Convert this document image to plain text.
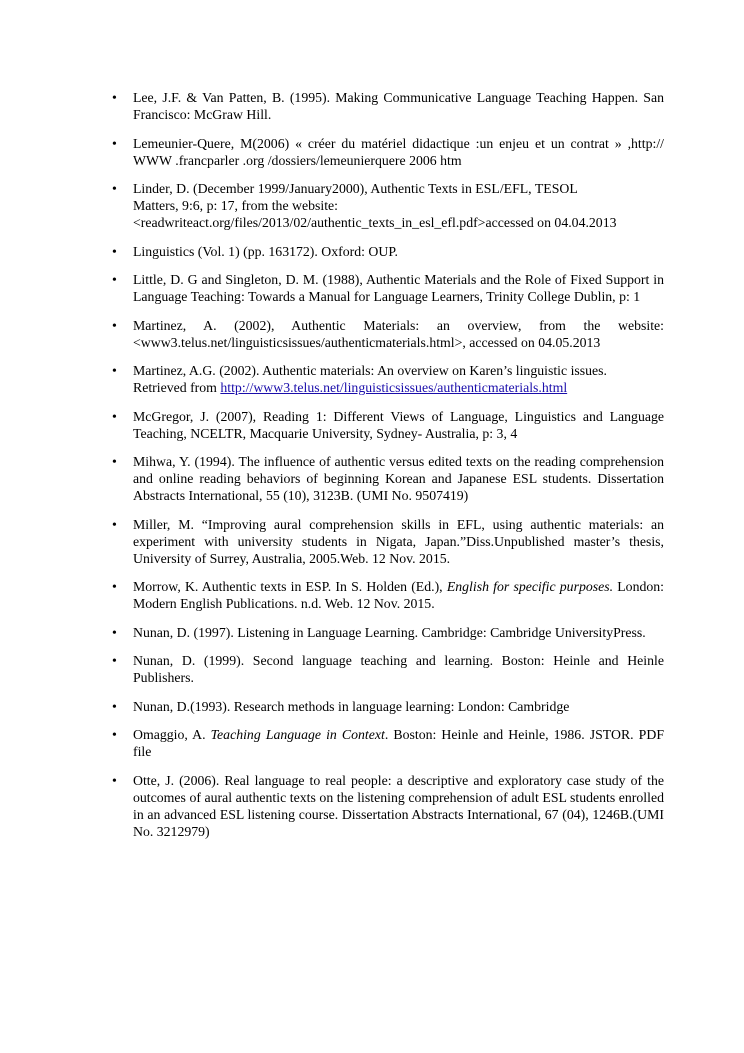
• Lee, J.F. & Van Patten, B. (1995). Making Communicative Language Teaching Happen. San Francisco: McGraw Hill.
• Lemeunier-Quere, M(2006) « créer du matériel didactique :un enjeu et un contrat » ,http:// WWW .francparler .org /dossiers/lemeunierquere 2006 htm
• Linder, D. (December 1999/January2000), Authentic Texts in ESL/EFL, TESOL
Matters, 9:6, p: 17, from the website:
<readwriteact.org/files/2013/02/authentic_texts_in_esl_efl.pdf>accessed on 04.04.2013
• Linguistics (Vol. 1) (pp. 163172). Oxford: OUP.
• Little, D. G and Singleton, D. M. (1988), Authentic Materials and the Role of Fixed Support in Language Teaching: Towards a Manual for Language Learners, Trinity College Dublin, p: 1
• Martinez, A. (2002), Authentic Materials: an overview, from the website:<www3.telus.net/linguisticsissues/authenticmaterials.html>, accessed on 04.05.2013
• Martinez, A.G. (2002). Authentic materials: An overview on Karen’s linguistic issues.
Retrieved from http://www3.telus.net/linguisticsissues/authenticmaterials.html
• McGregor, J. (2007), Reading 1: Different Views of Language, Linguistics and Language Teaching, NCELTR, Macquarie University, Sydney- Australia, p: 3, 4
• Mihwa, Y. (1994). The influence of authentic versus edited texts on the reading comprehension and online reading behaviors of beginning Korean and Japanese ESL students. Dissertation Abstracts International, 55 (10), 3123B. (UMI No. 9507419)
• Miller, M. “Improving aural comprehension skills in EFL, using authentic materials: an experiment with university students in Nigata, Japan.”Diss.Unpublished master’s thesis, University of Surrey, Australia, 2005.Web. 12 Nov. 2015.
• Morrow, K. Authentic texts in ESP. In S. Holden (Ed.), English for specific purposes. London: Modern English Publications. n.d. Web. 12 Nov. 2015.
• Nunan, D. (1997). Listening in Language Learning. Cambridge: Cambridge UniversityPress.
• Nunan, D. (1999). Second language teaching and learning. Boston: Heinle and Heinle Publishers.
• Nunan, D.(1993). Research methods in language learning: London: Cambridge
• Omaggio, A. Teaching Language in Context. Boston: Heinle and Heinle, 1986. JSTOR. PDF file
• Otte, J. (2006). Real language to real people: a descriptive and exploratory case study of the outcomes of aural authentic texts on the listening comprehension of adult ESL students enrolled in an advanced ESL listening course. Dissertation Abstracts International, 67 (04), 1246B.(UMI No. 3212979)
